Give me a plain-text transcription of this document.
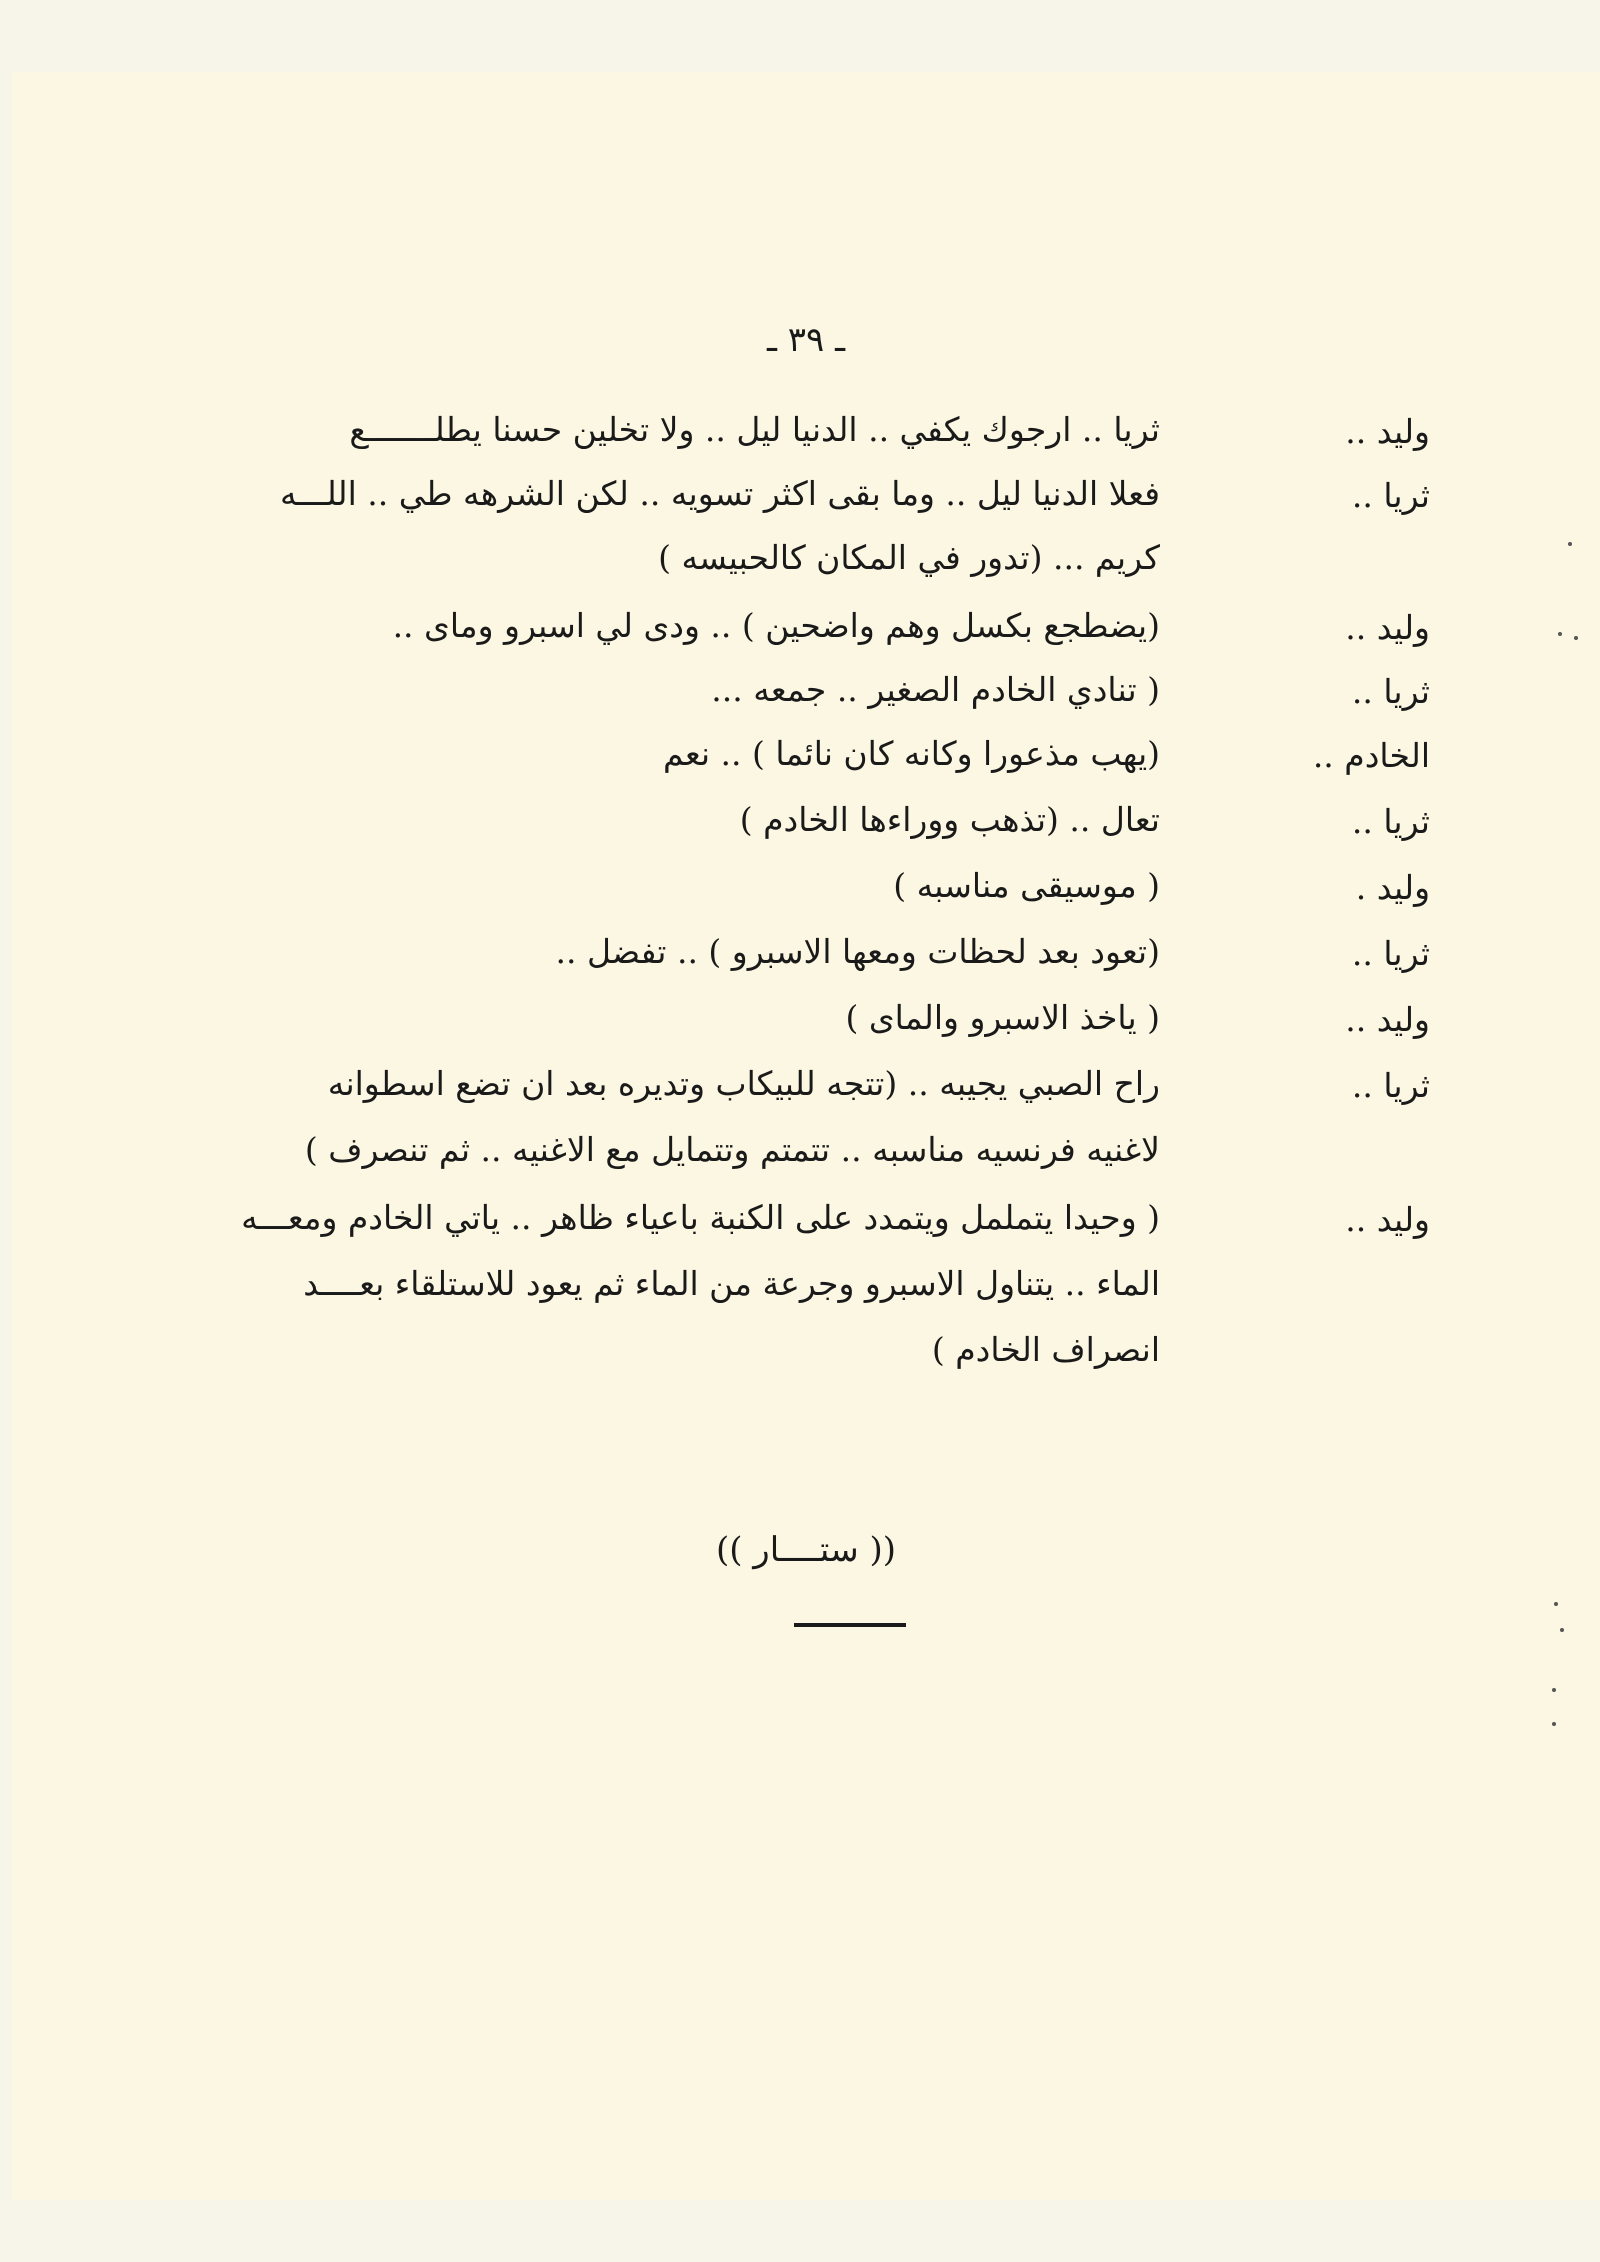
ـ ٣٩ ـ
وليد ..
ثريا .. ارجوك يكفي .. الدنيا ليل .. ولا تخلين حسنا يطلـــــــع
ثريا ..
فعلا الدنيا ليل .. وما بقى اكثر تسويه .. لكن الشرهه طي .. اللـــه
كريم ... (تدور في المكان كالحبيسه )
وليد ..
(يضطجع بكسل وهم واضحين ) .. ودى لي اسبرو وماى ..
ثريا ..
( تنادي الخادم الصغير .. جمعه ...
الخادم ..
(يهب مذعورا وكانه كان نائما ) .. نعم
ثريا ..
تعال .. (تذهب ووراءها الخادم )
وليد .
( موسيقى مناسبه )
ثريا ..
(تعود بعد لحظات ومعها الاسبرو ) .. تفضل ..
وليد ..
( ياخذ الاسبرو والماى )
ثريا ..
راح الصبي يجيبه .. (تتجه للبيكاب وتديره بعد ان تضع اسطوانه
لاغنيه فرنسيه مناسبه .. تتمتم وتتمايل مع الاغنيه .. ثم تنصرف )
وليد ..
( وحيدا يتململ ويتمدد على الكنبة باعياء ظاهر .. ياتي الخادم ومعـــه
الماء .. يتناول الاسبرو وجرعة من الماء ثم يعود للاستلقاء بعــــد
انصراف الخادم )
(( ستــــار ))
